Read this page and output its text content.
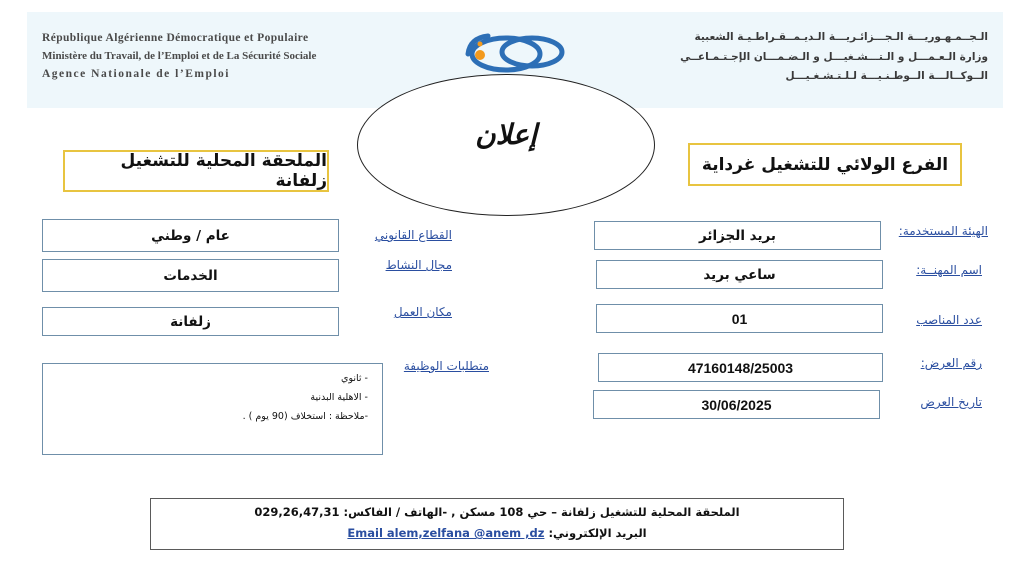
République Algérienne Démocratique et Populaire
Ministère du Travail, de l’Emploi et de La Sécurité Sociale
Agence Nationale de l’Emploi
الـجــمـهـوريـــة الـجـــزائـريـــة الـديـمــقـراطـيـة الشعبية
وزارة الـعـمـــل و الـتـــشـغيـــل و الـضـمـــان الإجـتـمـاعــي
الــوكــالـــة الــوطـنـيـــة لـلـتـشـغـيـــل
إعلان
الفرع الولائي للتشغيل غرداية
الملحقة المحلية للتشغيل زلفانة
الهيئة المستخدمة:
بريد الجزائر
اسم المهنــة:
ساعي بريد
عدد المناصب
01
رقم العرض:
47160148/25003
تاريخ العرض
30/06/2025
القطاع القانوني
عام / وطني
مجال النشاط
الخدمات
مكان العمل
زلفانة
متطلبات الوظيفة
- ثانوي
- الاهلية البدنية
-ملاحظة : استخلاف (90 يوم ) .
الملحقة المحلية للتشغيل زلفانة – حي 108 مسكن , -الهاتف / الفاكس: 029,26,47,31
البريد الإلكتروني: Email alem,zelfana @anem ,dz
